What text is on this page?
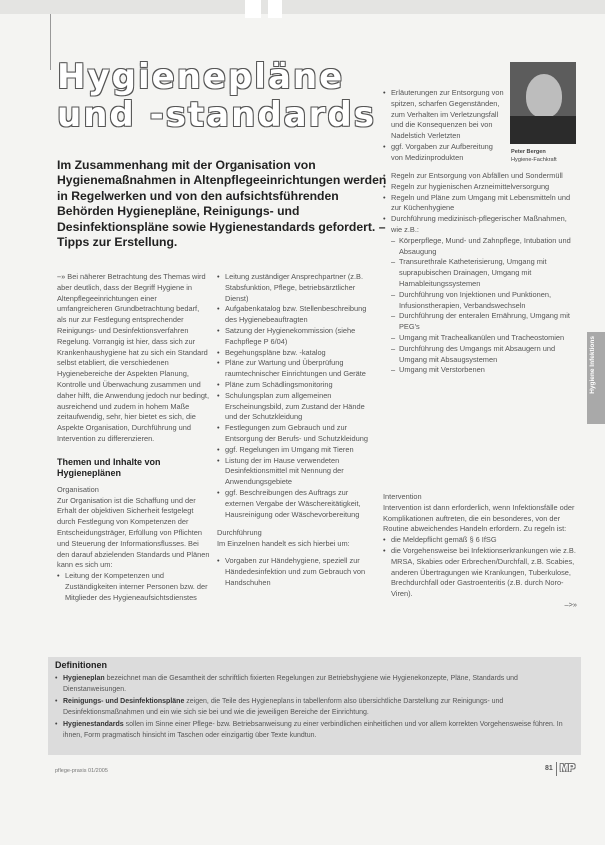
Hygienepläne und -standards

Im Zusammenhang mit der Organisation von Hygienemaßnahmen in Altenpflegeeinrichtungen werden in Regelwerken und von den aufsichtsführenden Behörden Hygienepläne, Reinigungs- und Desinfektionspläne sowie Hygienestandards gefordert. – Tipps zur Erstellung.

Peter Bergen
Hygiene-Fachkraft
Hygiene Infektions

–» Bei näherer Betrachtung des Themas wird aber deutlich, dass der Begriff Hygiene in Altenpflegeeinrichtungen einer umfangreicheren Grundbetrachtung bedarf, als nur zur Festlegung entsprechender Reinigungs- und Desinfektionsverfahren Regelung. Vorrangig ist hier, dass sich zur Krankenhaushygiene hat zu sich ein Standard selbst etabliert, die verschiedenen Hygienebereiche der Aspekten Planung, Kontrolle und Überwachung zusammen und daher hilft, die Anwendung jedoch nur bedingt, ausreichend und zudem in hohem Maße zeitaufwendig, sehr, hier bietet es sich, die Aspekte Organisation, Durchführung und Intervention zu differenzieren.

Themen und Inhalte von Hygieneplänen
Organisation

Zur Organisation ist die Schaffung und der Erhalt der objektiven Sicherheit festgelegt durch Festlegung von Kompetenzen der Entscheidungsträger, Erfüllung von Pflichten und Steuerung der Informationsflusses. Bei den darauf abzielenden Standards und Plänen kann es sich um:

• Leitung der Kompetenzen und Zuständigkeiten interner Personen bzw. der Mitglieder des Hygieneaufsichtsdienstes
• Leitung zuständiger Ansprechpartner (z.B. Stabsfunktion, Pflege, betriebsärztlicher Dienst)
• Aufgabenkatalog bzw. Stellenbeschreibung des Hygienebeauftragten
• Satzung der Hygienekommission (siehe Fachpflege P 6/04)
• Begehungspläne bzw. -katalog
• Pläne zur Wartung und Überprüfung raumtechnischer Einrichtungen und Geräte
• Pläne zum Schädlingsmonitoring
• Schulungsplan zum allgemeinen Erscheinungsbild, zum Zustand der Hände und der Schutzkleidung
• Festlegungen zum Gebrauch und zur Entsorgung der Berufs- und Schutzkleidung
• ggf. Regelungen im Umgang mit Tieren
• Listung der im Hause verwendeten Desinfektionsmittel mit Nennung der Anwendungsgebiete
• ggf. Beschreibungen des Auftrags zur externen Vergabe der Wäschereitätigkeit, Hausreinigung oder Wäschevorbereitung
Durchführung

Im Einzelnen handelt es sich hierbei um:

• Vorgaben zur Händehygiene, speziell zur Händedesinfektion und zum Gebrauch von Handschuhen
• Erläuterungen zur Entsorgung von spitzen, scharfen Gegenständen, zum Verhalten im Verletzungsfall und die Konsequenzen bei von Nadelstich Verletzten
• ggf. Vorgaben zur Aufbereitung von Medizinprodukten
• Regeln zur Entsorgung von Abfällen und Sondermüll
• Regeln zur hygienischen Arzneimittelversorgung
• Regeln und Pläne zum Umgang mit Lebensmitteln und zur Küchenhygiene
• Durchführung medizinisch-pflegerischer Maßnahmen, wie z.B.:
– Körperpflege, Mund- und Zahnpflege, Intubation und Absaugung
– Transurethrale Katheterisierung, Umgang mit suprapubischen Drainagen, Umgang mit Harnableitungssystemen
– Durchführung von Injektionen und Punktionen, Infusionstherapien, Verbandswechseln
– Durchführung der enteralen Ernährung, Umgang mit PEG's
– Umgang mit Trachealkanülen und Tracheostomien
– Durchführung des Umgangs mit Absaugern und Umgang mit Absaugsystemen
– Umgang mit Verstorbenen
Intervention

Intervention ist dann erforderlich, wenn Infektionsfälle oder Komplikationen auftreten, die ein besonderes, von der Routine abweichendes Handeln erfordern. Zu regeln ist:

• die Meldepflicht gemäß § 6 IfSG
• die Vorgehensweise bei Infektionserkrankungen wie z.B. MRSA, Skabies oder Erbrechen/Durchfall, z.B. Scabies, anderen Übertragungen wie Krankungen, Tuberkulose, Brechdurchfall oder Gastroenteritis (z.B. durch Noro-Viren).

–>»

Definitionen
• Hygieneplan bezeichnet man die Gesamtheit der schriftlich fixierten Regelungen zur Betriebshygiene wie Hygienekonzepte, Pläne, Standards und Dienstanweisungen.
• Reinigungs- und Desinfektionspläne zeigen, die Teile des Hygieneplans in tabellenform also übersichtliche Darstellung zur Reinigungs- und Desinfektionsmaßnahmen und ein wie sich sie bei und wie die jeweiligen Bereiche der Einrichtung.
• Hygienestandards sollen im Sinne einer Pflege- bzw. Betriebsanweisung zu einer verbindlichen einheitlichen und vor allem korrekten Vorgehensweise führen. In ihnen, Form pragmatisch hinsicht im Taschen oder einzigartig über Texte kundtun.
pflege-praxis 01/2005	81 MP
